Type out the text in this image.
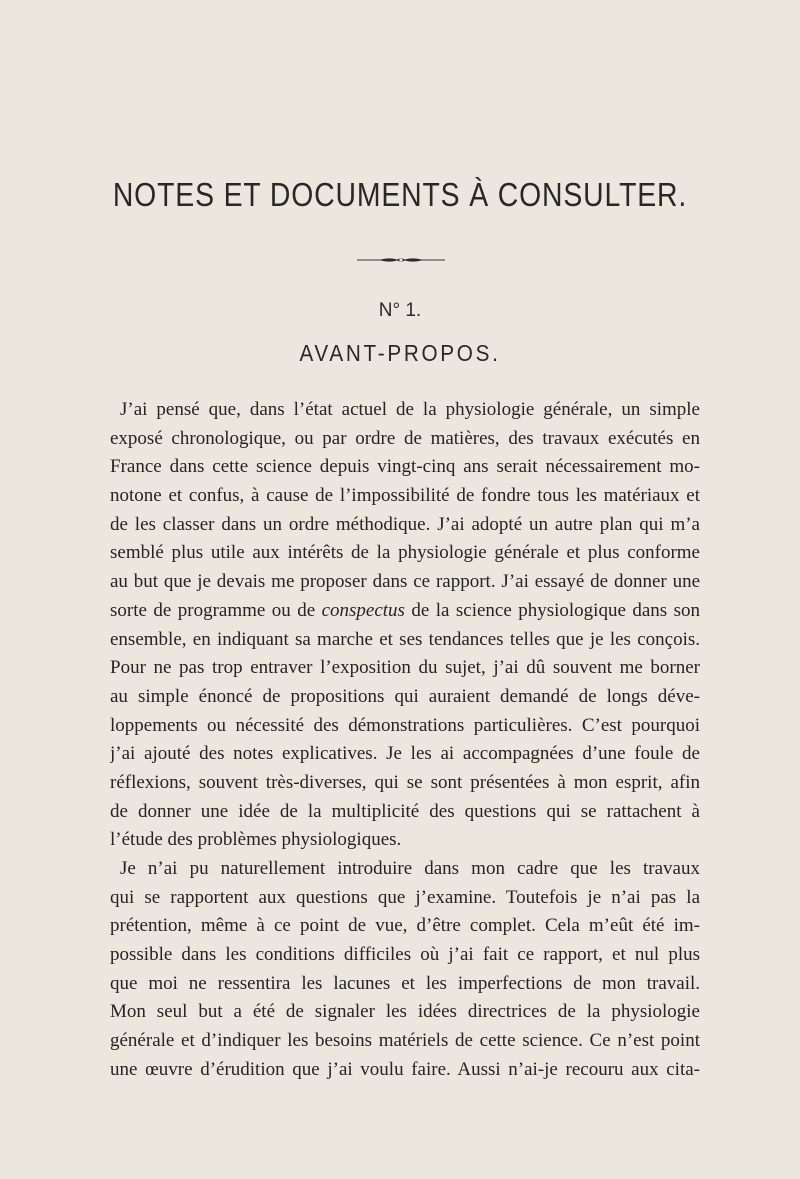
NOTES ET DOCUMENTS À CONSULTER.
N° 1.
AVANT-PROPOS.
J’ai pensé que, dans l’état actuel de la physiologie générale, un simple
exposé chronologique, ou par ordre de matières, des travaux exécutés en
France dans cette science depuis vingt-cinq ans serait nécessairement mo-
notone et confus, à cause de l’impossibilité de fondre tous les matériaux et
de les classer dans un ordre méthodique. J’ai adopté un autre plan qui m’a
semblé plus utile aux intérêts de la physiologie générale et plus conforme
au but que je devais me proposer dans ce rapport. J’ai essayé de donner une
sorte de programme ou de conspectus de la science physiologique dans son
ensemble, en indiquant sa marche et ses tendances telles que je les conçois.
Pour ne pas trop entraver l’exposition du sujet, j’ai dû souvent me borner
au simple énoncé de propositions qui auraient demandé de longs déve-
loppements ou nécessité des démonstrations particulières. C’est pourquoi
j’ai ajouté des notes explicatives. Je les ai accompagnées d’une foule de
réflexions, souvent très-diverses, qui se sont présentées à mon esprit, afin
de donner une idée de la multiplicité des questions qui se rattachent à
l’étude des problèmes physiologiques.
Je n’ai pu naturellement introduire dans mon cadre que les travaux
qui se rapportent aux questions que j’examine. Toutefois je n’ai pas la
prétention, même à ce point de vue, d’être complet. Cela m’eût été im-
possible dans les conditions difficiles où j’ai fait ce rapport, et nul plus
que moi ne ressentira les lacunes et les imperfections de mon travail.
Mon seul but a été de signaler les idées directrices de la physiologie
générale et d’indiquer les besoins matériels de cette science. Ce n’est point
une œuvre d’érudition que j’ai voulu faire. Aussi n’ai-je recouru aux cita-
